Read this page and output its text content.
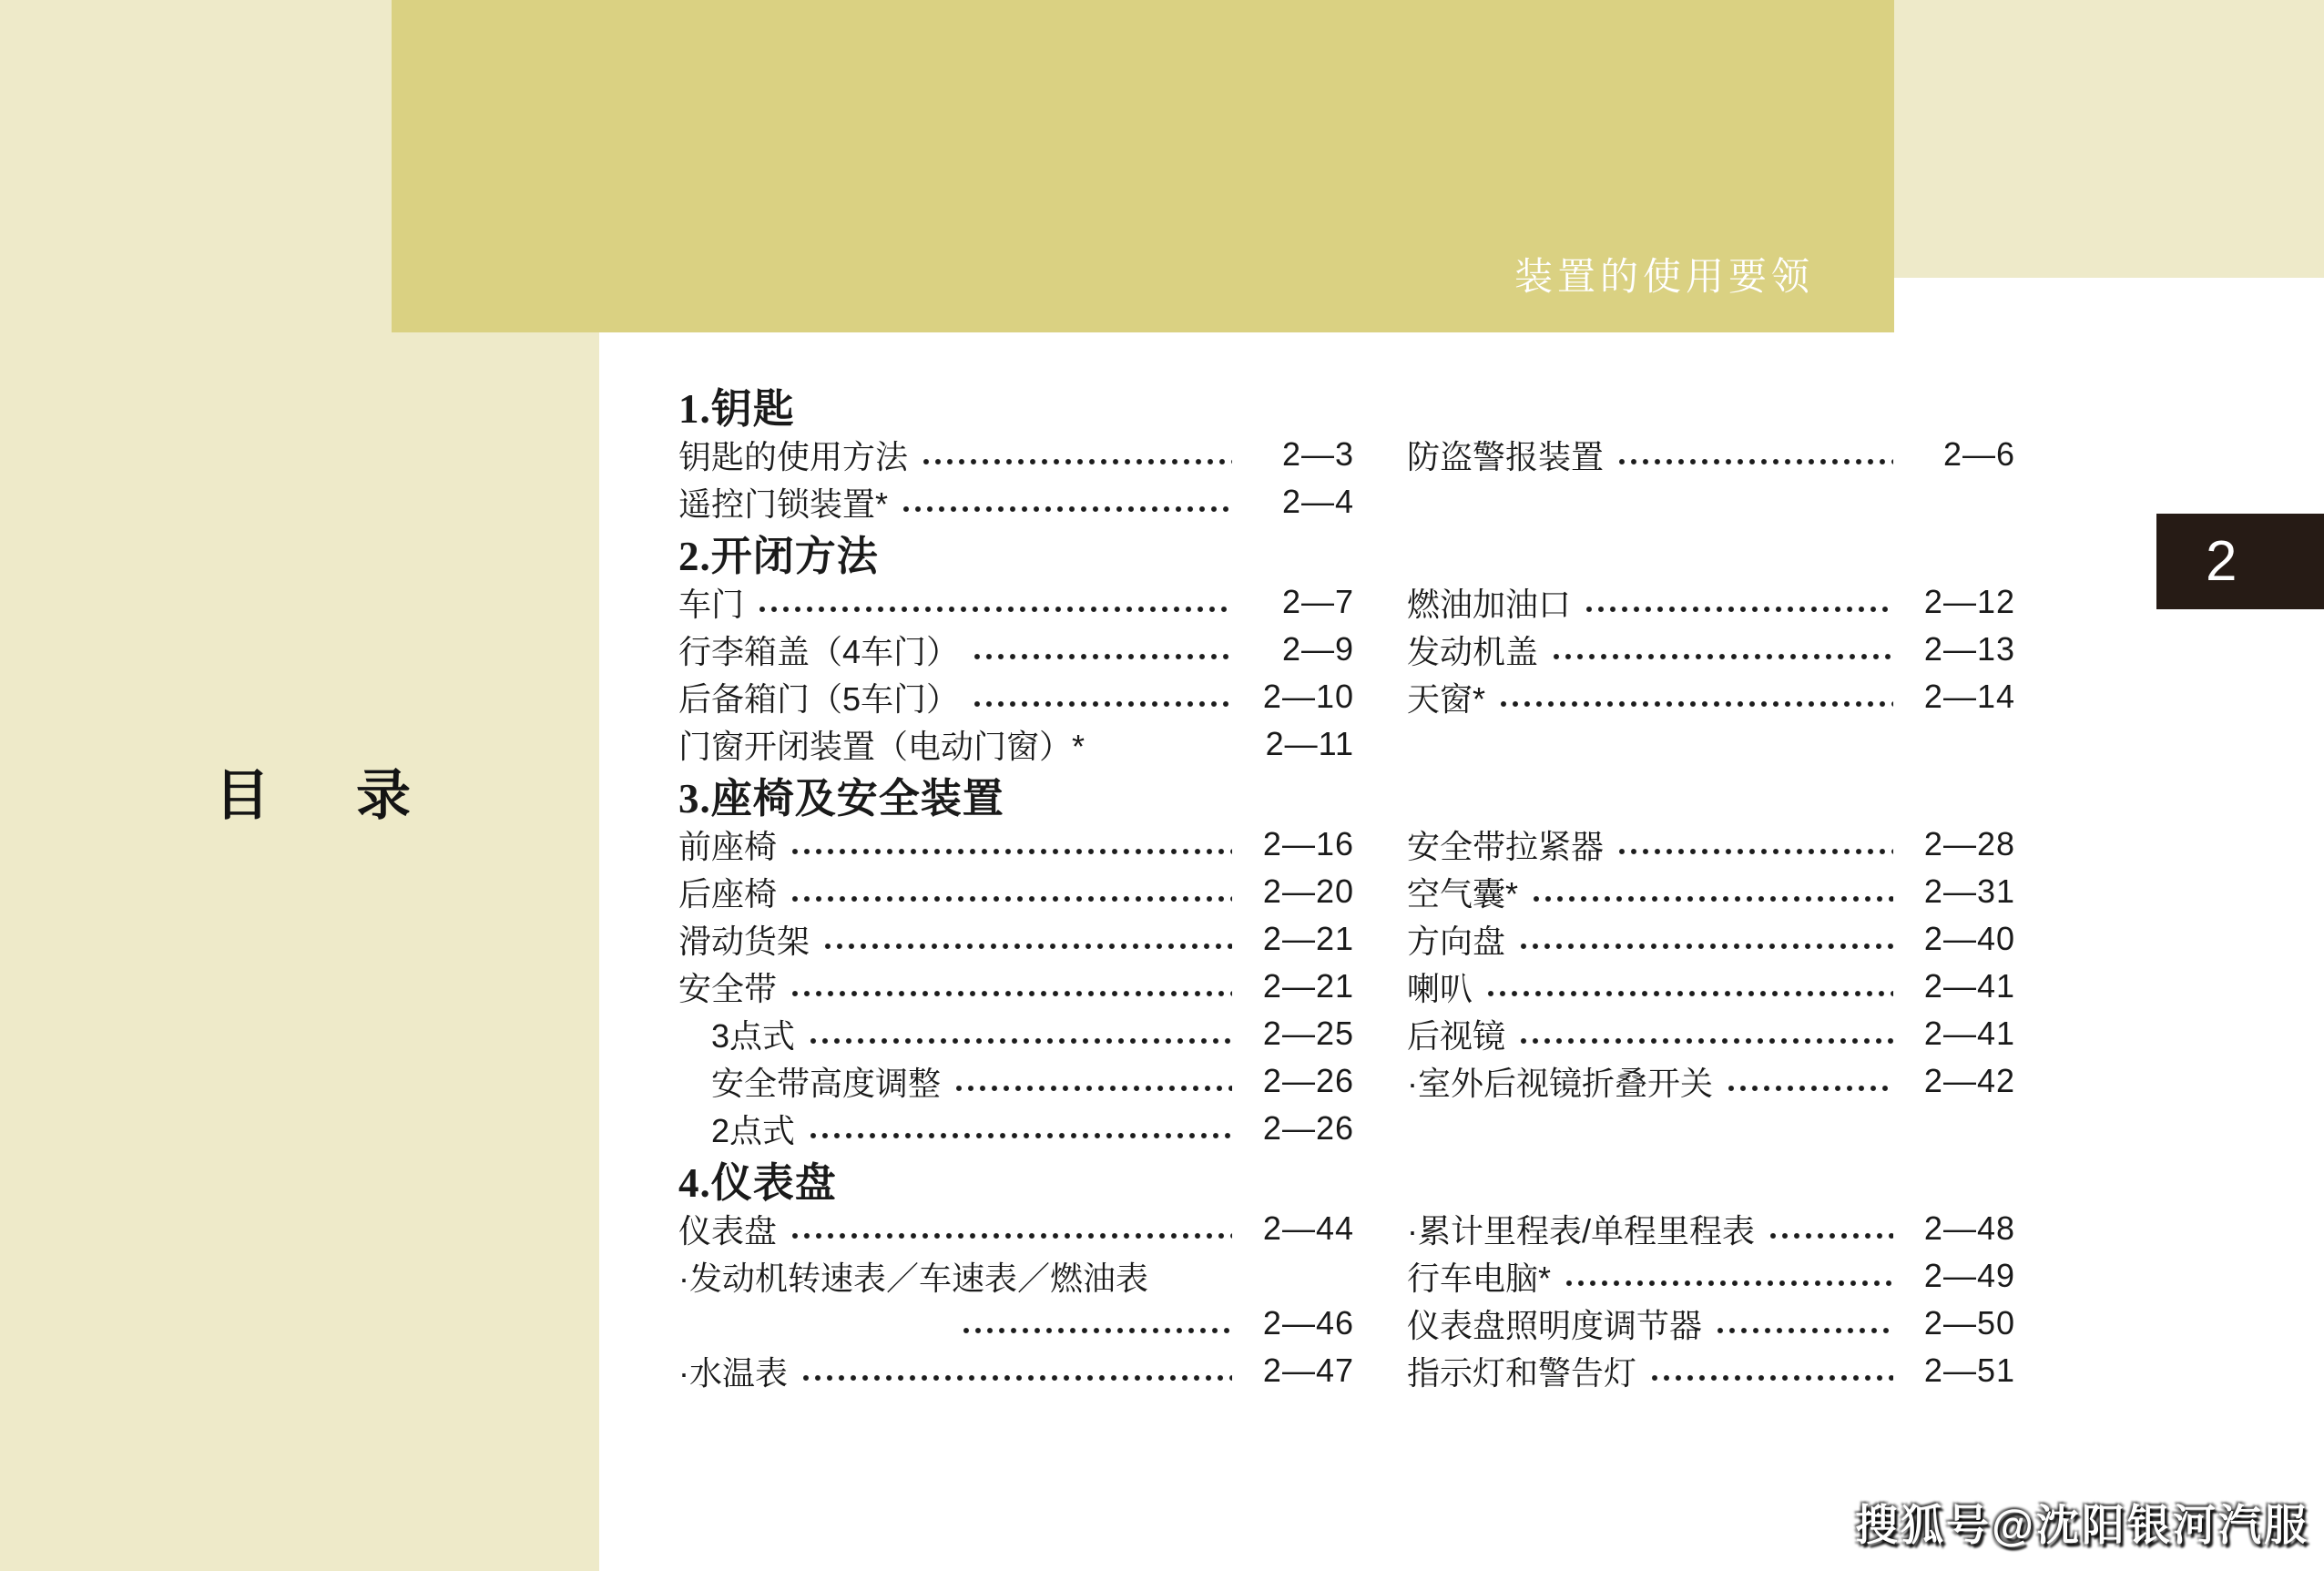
装置的使用要领
目 录
2
1.钥匙
钥匙的使用方法	2—3
遥控门锁装置*	2—4
2.开闭方法
车门	2—7
行李箱盖（4车门）	2—9
后备箱门（5车门）	2—10
门窗开闭装置（电动门窗）*	2—11
3.座椅及安全装置
前座椅	2—16
后座椅	2—20
滑动货架	2—21
安全带	2—21
3点式	2—25
安全带高度调整	2—26
2点式	2—26
4.仪表盘
仪表盘	2—44
·发动机转速表／车速表／燃油表
2—46
·水温表	2—47
防盗警报装置	2—6
燃油加油口	2—12
发动机盖	2—13
天窗*	2—14
安全带拉紧器	2—28
空气囊*	2—31
方向盘	2—40
喇叭	2—41
后视镜	2—41
·室外后视镜折叠开关	2—42
·累计里程表/单程里程表	2—48
行车电脑*	2—49
仪表盘照明度调节器	2—50
指示灯和警告灯	2—51
搜狐号@沈阳银河汽服
